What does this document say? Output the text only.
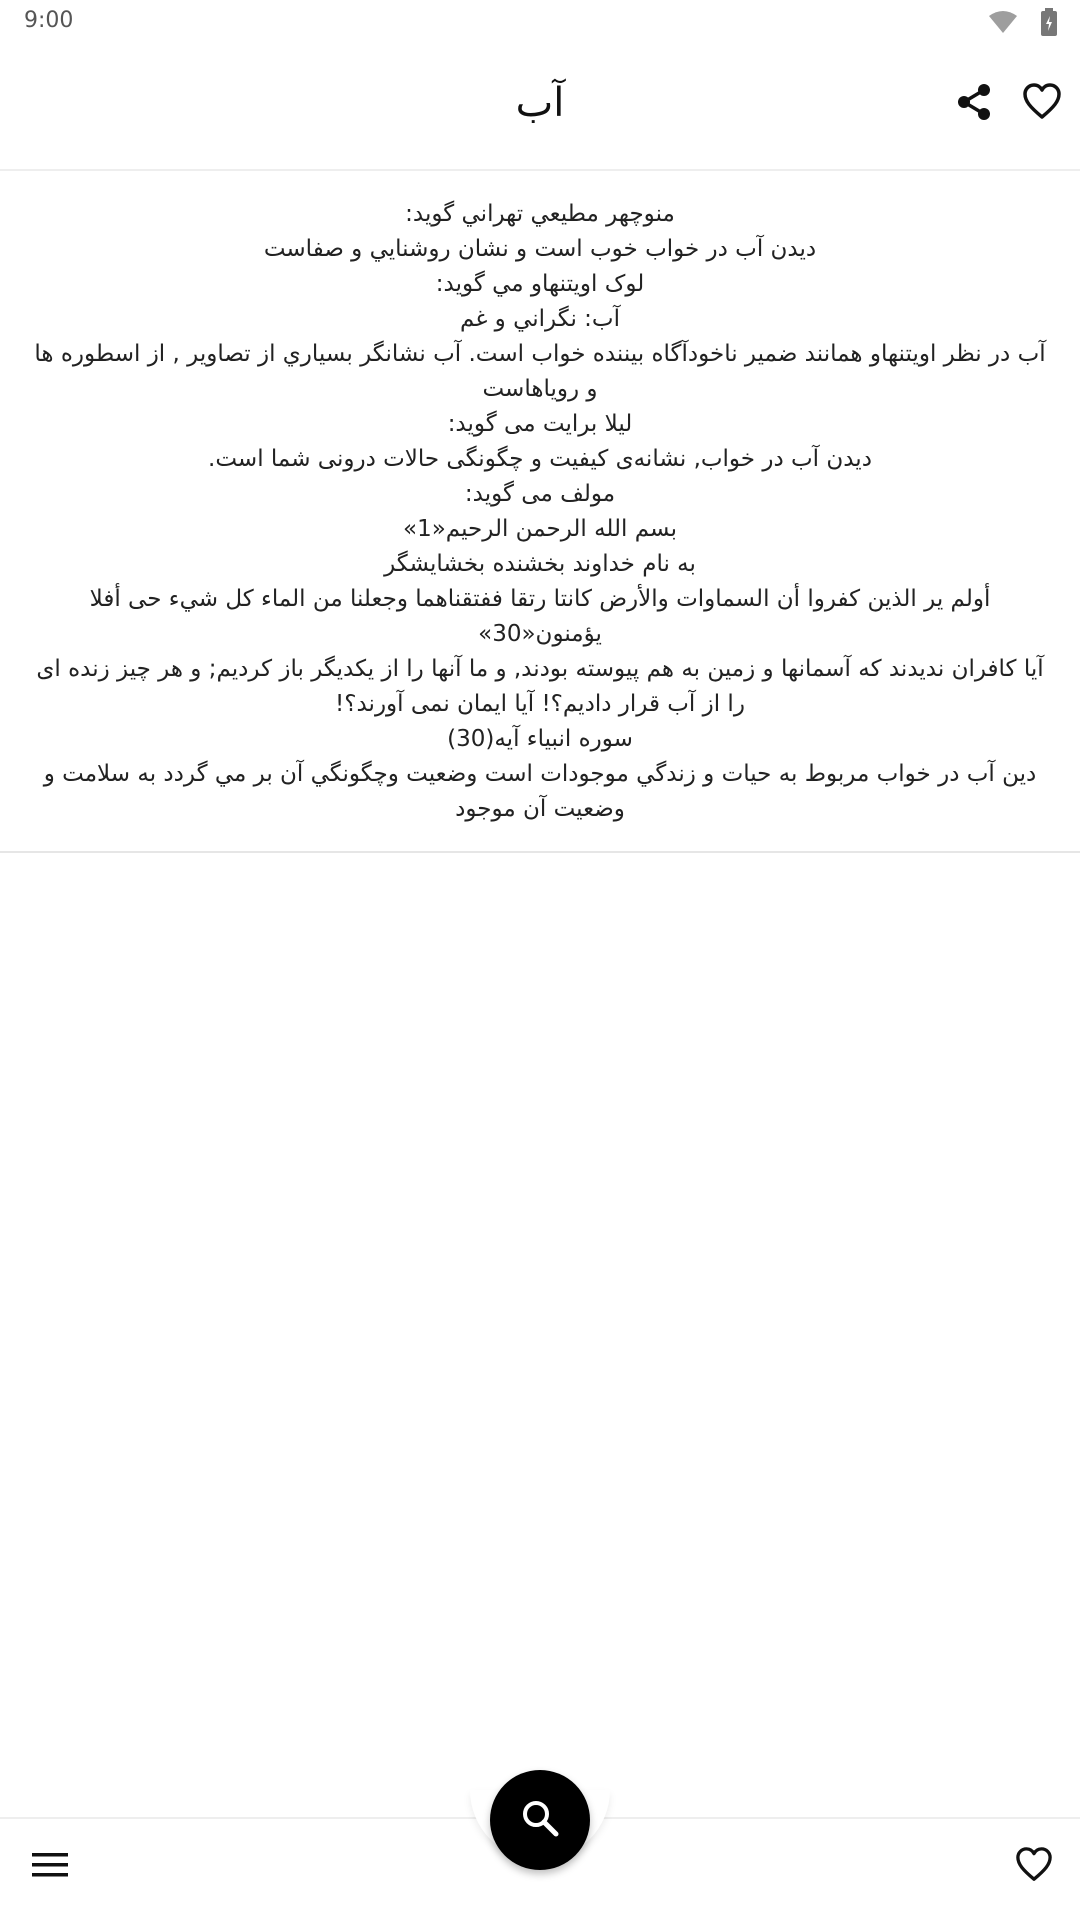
9:00
آب

منوچهر مطیعي تهراني گويد:

ديدن آب در خواب خوب است و نشان روشنايي و صفاست

لوک اويتنهاو مي گويد:

آب: نگراني و غم

آب در نظر اويتنهاو همانند ضمير ناخودآگاه بيننده خواب است. آب نشانگر بسياري از تصاوير , از اسطوره ها و روياهاست

ليلا برايت می گويد:

دیدن آب در خواب, نشانه‌ی کیفیت و چگونگی حالات درونی شما است.

مولف می گوید:

بسم الله الرحمن الرحيم«1»

به نام خداوند بخشنده بخشايشگر

أولم ير الذين كفروا أن السماوات والأرض كانتا رتقا ففتقناهما وجعلنا من الماء كل شيء حی أفلا يؤمنون«30»

آيا كافران نديدند كه آسمانها و زمين به هم پيوسته بودند, و ما آنها را از يكديگر باز كرديم; و هر چيز زنده ای را از آب قرار داديم؟! آيا ايمان نمی آورند؟!

سوره انبياء آيه(30)

دین آب در خواب مربوط به حيات و زندگي موجودات است وضعيت وچگونگي آن بر مي گردد به سلامت و وضعيت آن موجود
